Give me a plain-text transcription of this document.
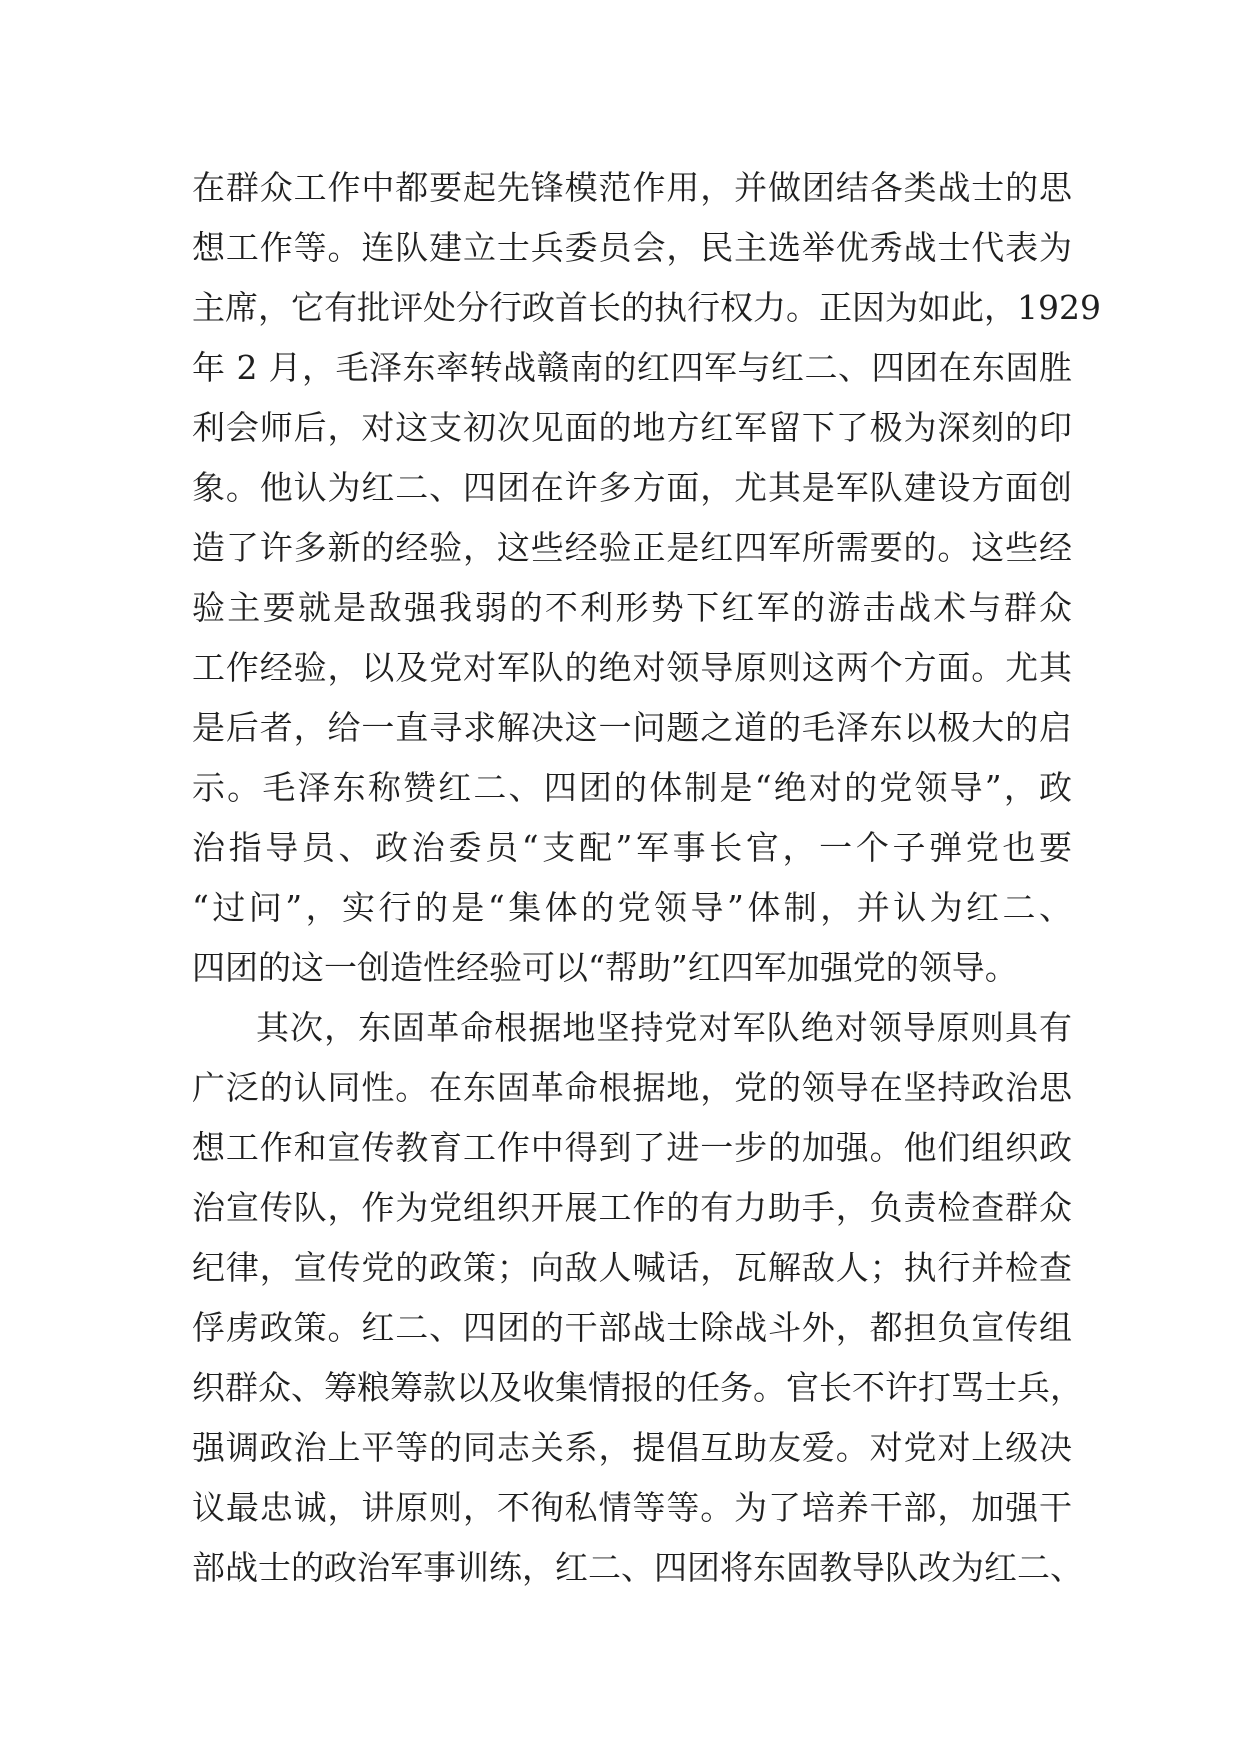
在群众工作中都要起先锋模范作用，并做团结各类战士的思
想工作等。连队建立士兵委员会，民主选举优秀战士代表为
主席，它有批评处分行政首长的执行权力。正因为如此，1929
年 2 月，毛泽东率转战赣南的红四军与红二、四团在东固胜
利会师后，对这支初次见面的地方红军留下了极为深刻的印
象。他认为红二、四团在许多方面，尤其是军队建设方面创
造了许多新的经验，这些经验正是红四军所需要的。这些经
验主要就是敌强我弱的不利形势下红军的游击战术与群众
工作经验，以及党对军队的绝对领导原则这两个方面。尤其
是后者，给一直寻求解决这一问题之道的毛泽东以极大的启
示。毛泽东称赞红二、四团的体制是“绝对的党领导”，政
治指导员、政治委员“支配”军事长官，一个子弹党也要
“过问”，实行的是“集体的党领导”体制，并认为红二、
四团的这一创造性经验可以“帮助”红四军加强党的领导。
其次，东固革命根据地坚持党对军队绝对领导原则具有
广泛的认同性。在东固革命根据地，党的领导在坚持政治思
想工作和宣传教育工作中得到了进一步的加强。他们组织政
治宣传队，作为党组织开展工作的有力助手，负责检查群众
纪律，宣传党的政策；向敌人喊话，瓦解敌人；执行并检查
俘虏政策。红二、四团的干部战士除战斗外，都担负宣传组
织群众、筹粮筹款以及收集情报的任务。官长不许打骂士兵，
强调政治上平等的同志关系，提倡互助友爱。对党对上级决
议最忠诚，讲原则，不徇私情等等。为了培养干部，加强干
部战士的政治军事训练，红二、四团将东固教导队改为红二、
